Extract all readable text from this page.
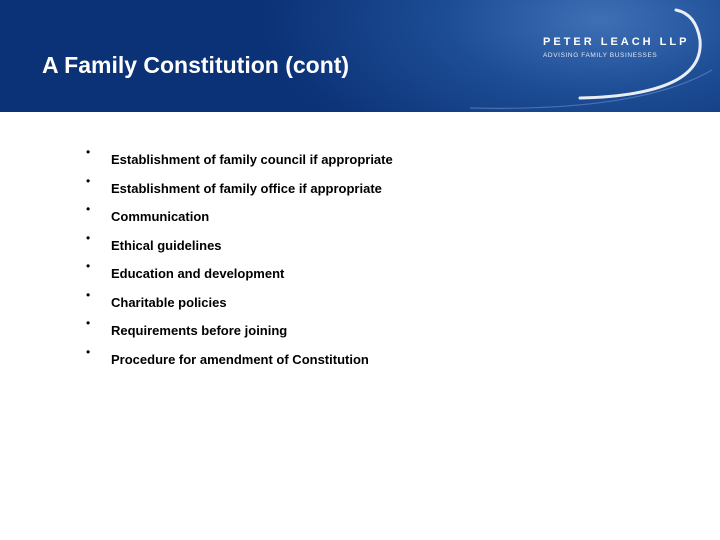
A Family Constitution (cont)
PETER LEACH LLP
ADVISING FAMILY BUSINESSES
• Establishment of family council if appropriate
• Establishment of family office if appropriate
• Communication
• Ethical guidelines
• Education and development
• Charitable policies
• Requirements before joining
• Procedure for amendment of Constitution
